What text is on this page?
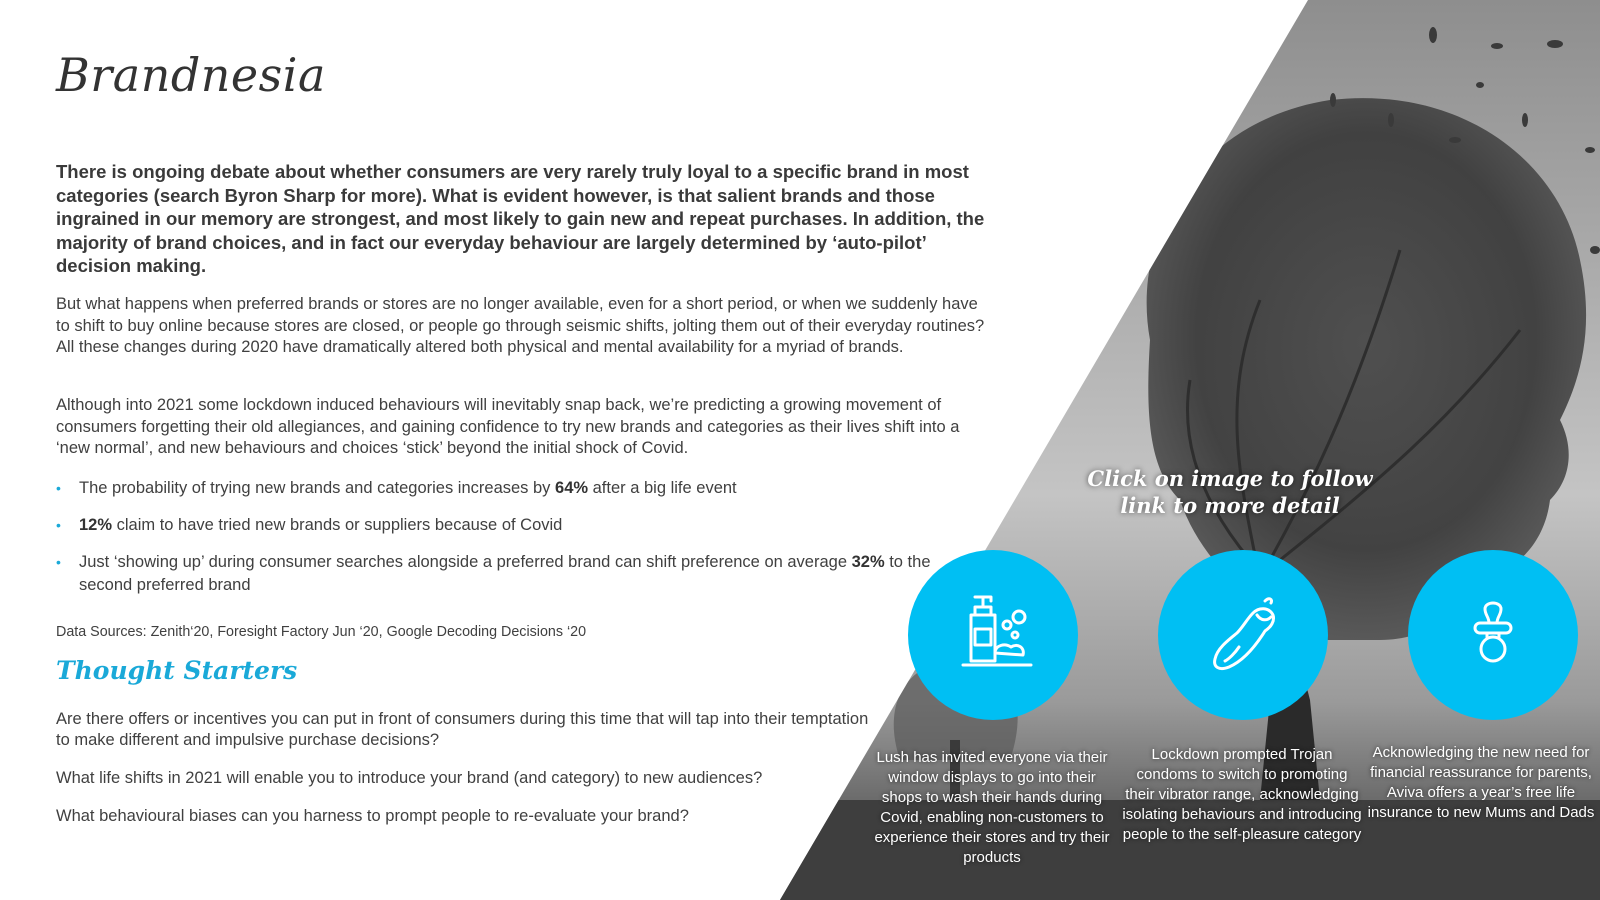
Brandnesia

There is ongoing debate about whether consumers are very rarely truly loyal to a specific brand in most categories (search Byron Sharp for more). What is evident however, is that salient brands and those ingrained in our memory are strongest, and most likely to gain new and repeat purchases. In addition, the majority of brand choices, and in fact our everyday behaviour are largely determined by ‘auto-pilot’ decision making.

But what happens when preferred brands or stores are no longer available, even for a short period, or when we suddenly have to shift to buy online because stores are closed, or people go through seismic shifts, jolting them out of their everyday routines? All these changes during 2020 have dramatically altered both physical and mental availability for a myriad of brands.

Although into 2021 some lockdown induced behaviours will inevitably snap back, we’re predicting a growing movement of consumers forgetting their old allegiances, and gaining confidence to try new brands and categories as their lives shift into a ‘new normal’, and new behaviours and choices ‘stick’ beyond the initial shock of Covid.

• The probability of trying new brands and categories increases by 64% after a big life event
• 12% claim to have tried new brands or suppliers because of Covid
• Just ‘showing up’ during consumer searches alongside a preferred brand can shift preference on average 32% to the second preferred brand

Data Sources: Zenith‘20, Foresight Factory Jun ‘20, Google Decoding Decisions ‘20

Thought Starters

Are there offers or incentives you can put in front of consumers during this time that will tap into their temptation to make different and impulsive purchase decisions?

What life shifts in 2021 will enable you to introduce your brand (and category) to new audiences?

What behavioural biases can you harness to prompt people to re-evaluate your brand?

Click on image to follow link to more detail

Lush has invited everyone via their window displays to go into their shops to wash their hands during Covid, enabling non-customers to experience their stores and try their products

Lockdown prompted Trojan condoms to switch to promoting their vibrator range, acknowledging isolating behaviours and introducing people to the self-pleasure category

Acknowledging the new need for financial reassurance for parents, Aviva offers a year’s free life insurance to new Mums and Dads
